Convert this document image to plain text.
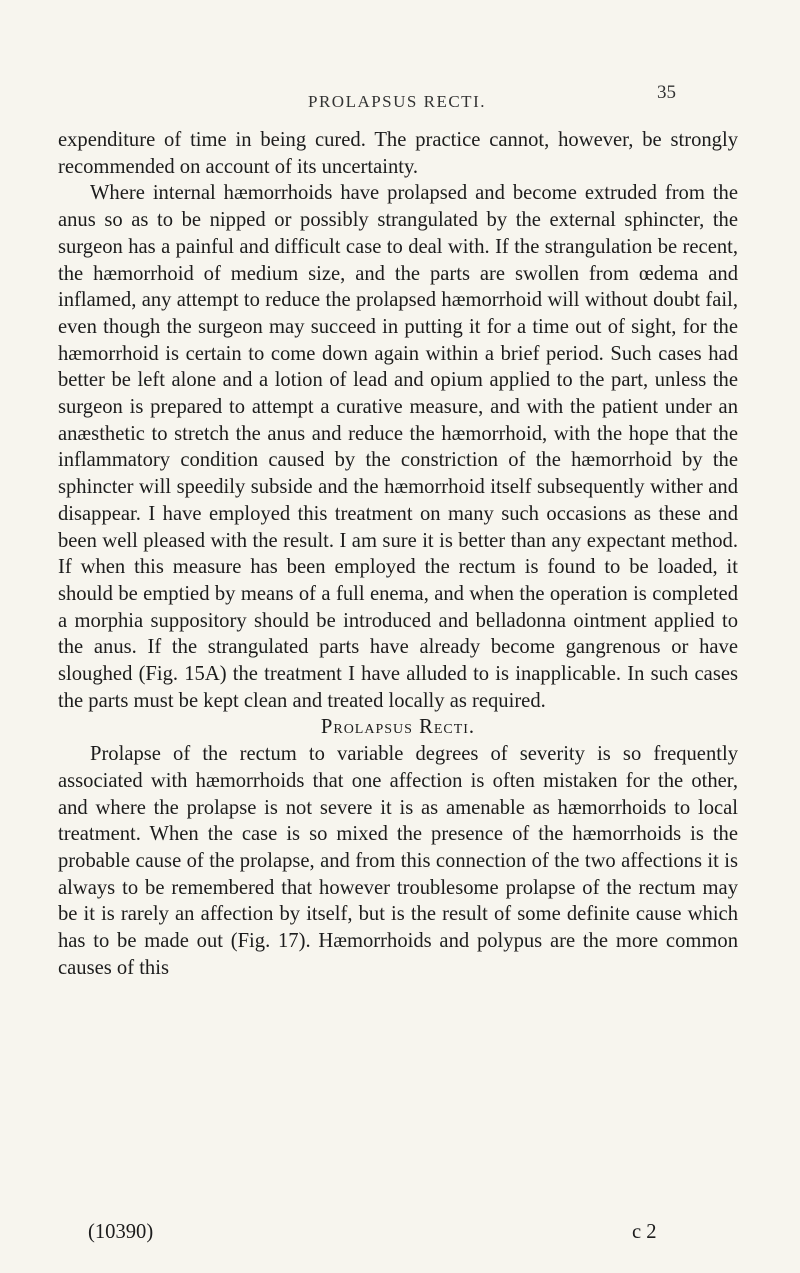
PROLAPSUS RECTI.	35

expenditure of time in being cured. The practice cannot, however, be strongly recommended on account of its uncertainty.

Where internal hæmorrhoids have prolapsed and become extruded from the anus so as to be nipped or possibly strangulated by the external sphincter, the surgeon has a painful and difficult case to deal with. If the strangulation be recent, the hæmorrhoid of medium size, and the parts are swollen from œdema and inflamed, any attempt to reduce the prolapsed hæmorrhoid will without doubt fail, even though the surgeon may succeed in putting it for a time out of sight, for the hæmorrhoid is certain to come down again within a brief period. Such cases had better be left alone and a lotion of lead and opium applied to the part, unless the surgeon is prepared to attempt a curative measure, and with the patient under an anæsthetic to stretch the anus and reduce the hæmorrhoid, with the hope that the inflammatory condition caused by the constriction of the hæmorrhoid by the sphincter will speedily subside and the hæmorrhoid itself subsequently wither and disappear. I have employed this treatment on many such occasions as these and been well pleased with the result. I am sure it is better than any expectant method. If when this measure has been employed the rectum is found to be loaded, it should be emptied by means of a full enema, and when the operation is completed a morphia suppository should be introduced and belladonna ointment applied to the anus. If the strangulated parts have already become gangrenous or have sloughed (Fig. 15A) the treatment I have alluded to is inapplicable. In such cases the parts must be kept clean and treated locally as required.

Prolapsus Recti.

Prolapse of the rectum to variable degrees of severity is so frequently associated with hæmorrhoids that one affection is often mistaken for the other, and where the prolapse is not severe it is as amenable as hæmorrhoids to local treatment. When the case is so mixed the presence of the hæmorrhoids is the probable cause of the prolapse, and from this connection of the two affections it is always to be remembered that however troublesome prolapse of the rectum may be it is rarely an affection by itself, but is the result of some definite cause which has to be made out (Fig. 17). Hæmorrhoids and polypus are the more common causes of this

(10390)	c 2
